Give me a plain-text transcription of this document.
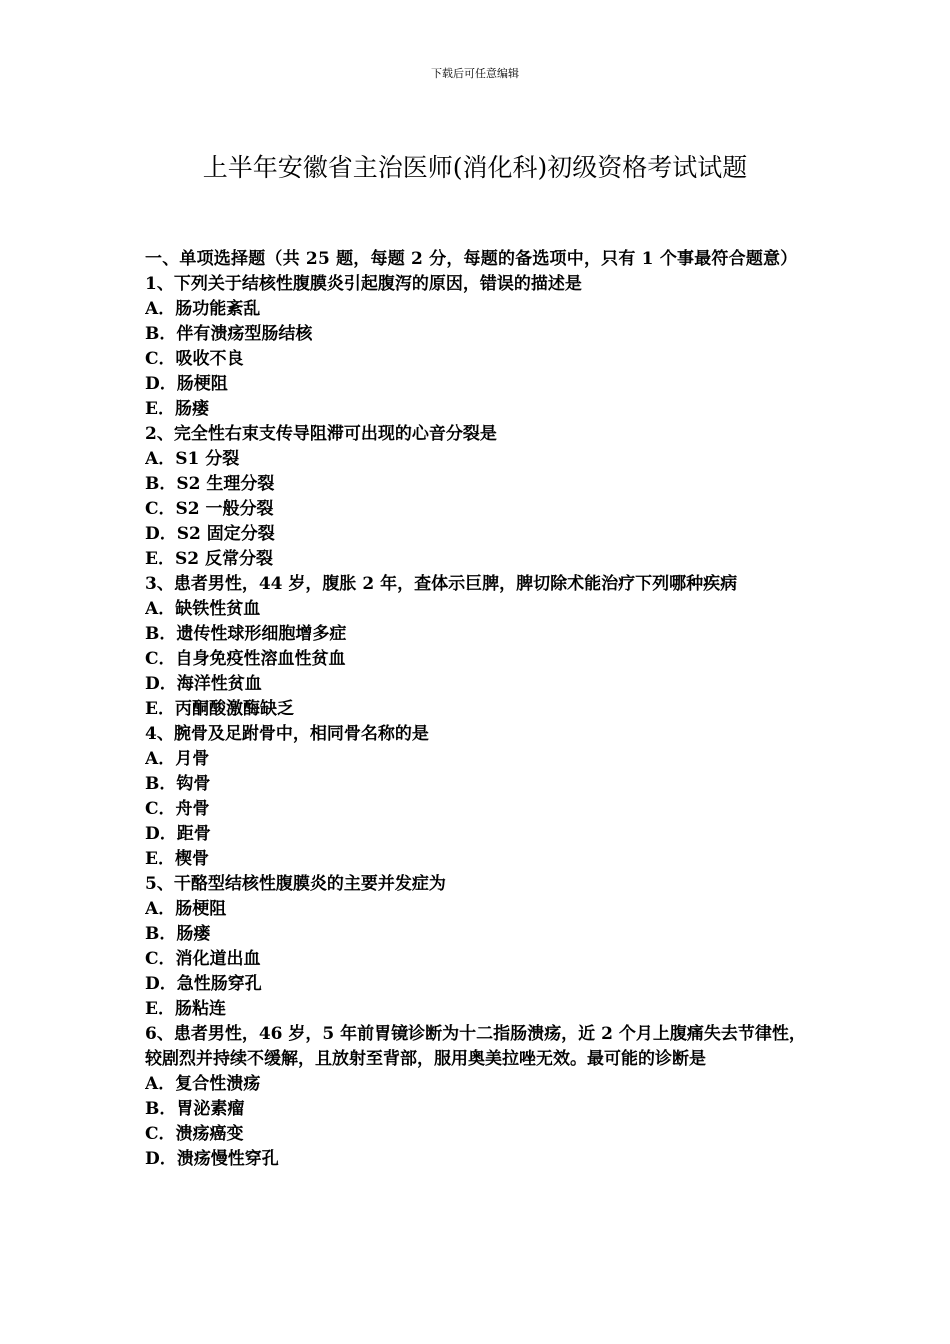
下载后可任意编辑
上半年安徽省主治医师(消化科)初级资格考试试题
一、单项选择题（共 25 题，每题 2 分，每题的备选项中，只有 1 个事最符合题意）
1、下列关于结核性腹膜炎引起腹泻的原因，错误的描述是
A．肠功能紊乱
B．伴有溃疡型肠结核
C．吸收不良
D．肠梗阻
E．肠瘘
2、完全性右束支传导阻滞可出现的心音分裂是
A．S1 分裂
B．S2 生理分裂
C．S2 一般分裂
D．S2 固定分裂
E．S2 反常分裂
3、患者男性，44 岁，腹胀 2 年，查体示巨脾，脾切除术能治疗下列哪种疾病
A．缺铁性贫血
B．遗传性球形细胞增多症
C．自身免疫性溶血性贫血
D．海洋性贫血
E．丙酮酸激酶缺乏
4、腕骨及足跗骨中，相同骨名称的是
A．月骨
B．钩骨
C．舟骨
D．距骨
E．楔骨
5、干酪型结核性腹膜炎的主要并发症为
A．肠梗阻
B．肠瘘
C．消化道出血
D．急性肠穿孔
E．肠粘连
6、患者男性，46 岁，5 年前胃镜诊断为十二指肠溃疡，近 2 个月上腹痛失去节律性，较剧烈并持续不缓解，且放射至背部，服用奥美拉唑无效。最可能的诊断是
A．复合性溃疡
B．胃泌素瘤
C．溃疡癌变
D．溃疡慢性穿孔
